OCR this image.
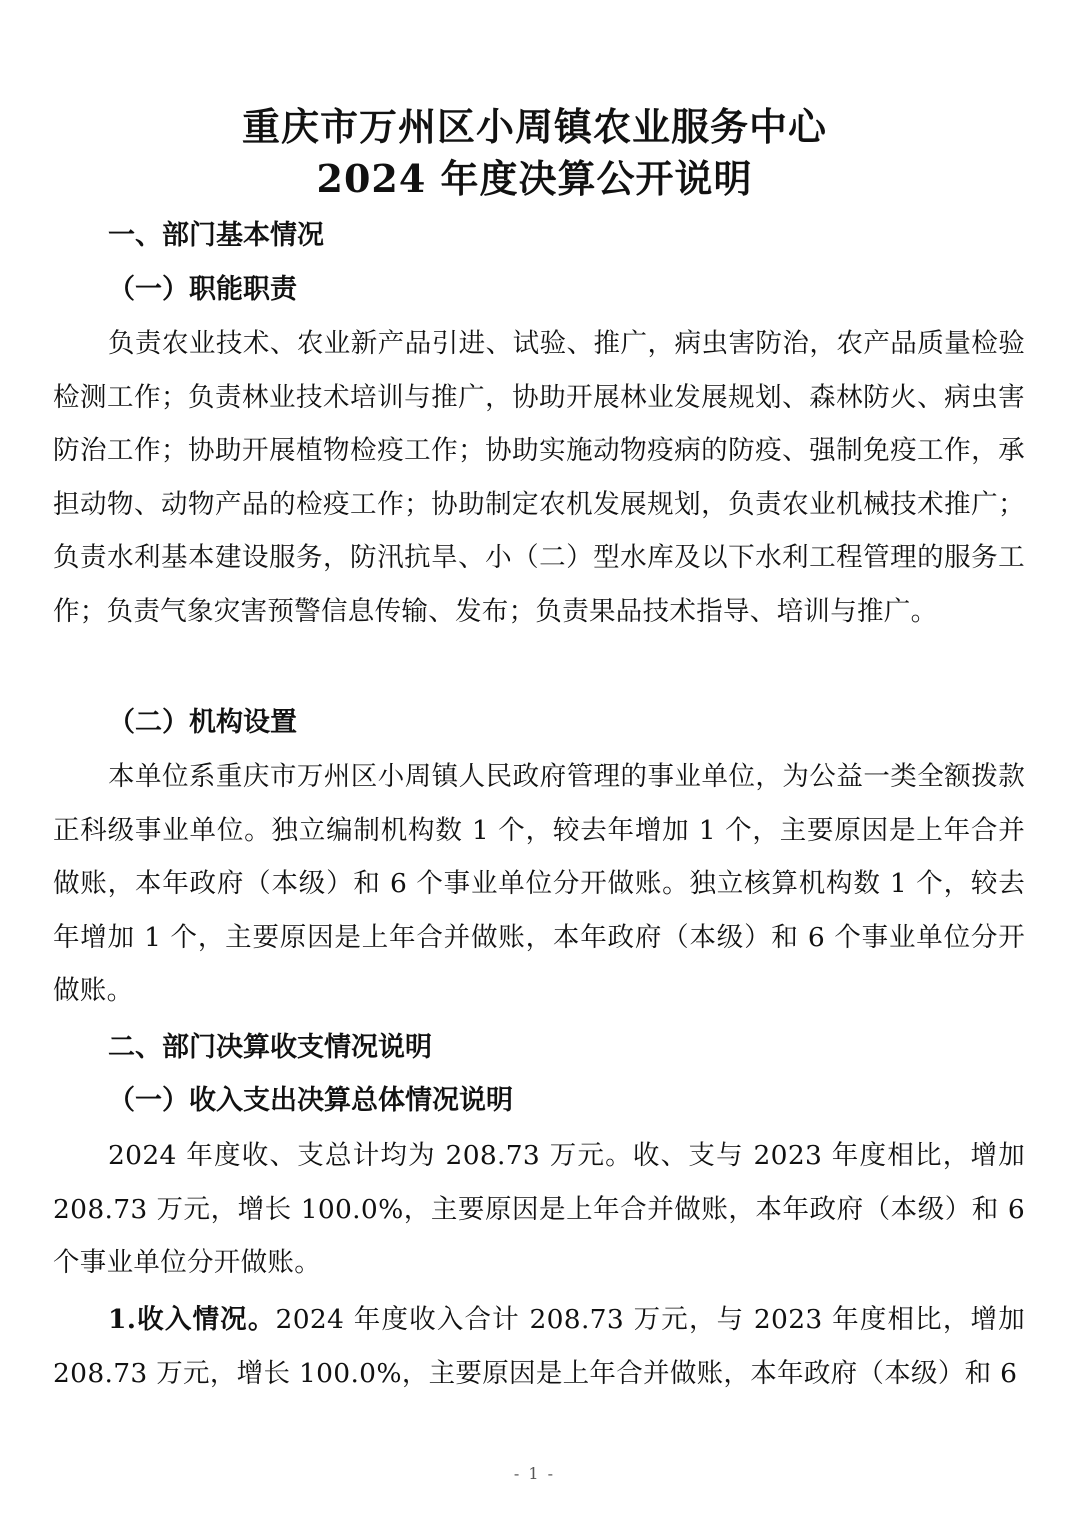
重庆市万州区小周镇农业服务中心
2024 年度决算公开说明
一、部门基本情况
（一）职能职责

负责农业技术、农业新产品引进、试验、推广，病虫害防治，农产品质量检验检测工作；负责林业技术培训与推广，协助开展林业发展规划、森林防火、病虫害防治工作；协助开展植物检疫工作；协助实施动物疫病的防疫、强制免疫工作，承担动物、动物产品的检疫工作；协助制定农机发展规划，负责农业机械技术推广；负责水利基本建设服务，防汛抗旱、小（二）型水库及以下水利工程管理的服务工作；负责气象灾害预警信息传输、发布；负责果品技术指导、培训与推广。

（二）机构设置

本单位系重庆市万州区小周镇人民政府管理的事业单位，为公益一类全额拨款正科级事业单位。独立编制机构数 1 个，较去年增加 1 个，主要原因是上年合并做账，本年政府（本级）和 6 个事业单位分开做账。独立核算机构数 1 个，较去年增加 1 个，主要原因是上年合并做账，本年政府（本级）和 6 个事业单位分开做账。

二、部门决算收支情况说明
（一）收入支出决算总体情况说明

2024 年度收、支总计均为 208.73 万元。收、支与 2023 年度相比，增加 208.73 万元，增长 100.0%，主要原因是上年合并做账，本年政府（本级）和 6 个事业单位分开做账。

1.收入情况。2024 年度收入合计 208.73 万元，与 2023 年度相比，增加 208.73 万元，增长 100.0%，主要原因是上年合并做账，本年政府（本级）和 6

- 1 -
